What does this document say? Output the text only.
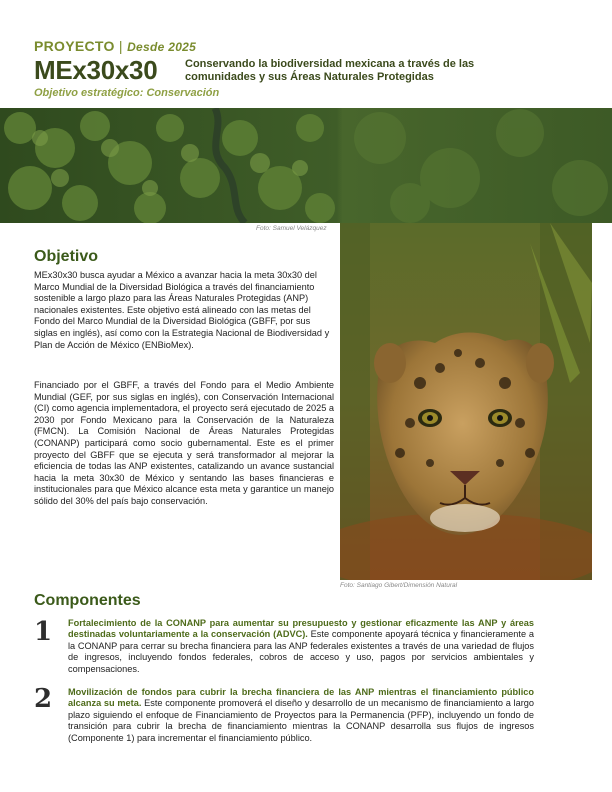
PROYECTO | Desde 2025
MEx30x30	Conservando la biodiversidad mexicana a través de las comunidades y sus Áreas Naturales Protegidas
Objetivo estratégico: Conservación
Foto: Samuel Velázquez
Foto: Santiago Gibert/Dimensión Natural
Objetivo
MEx30x30 busca ayudar a México a avanzar hacia la meta 30x30 del Marco Mundial de la Diversidad Biológica a través del financiamiento sostenible a largo plazo para las Áreas Naturales Protegidas (ANP) nacionales existentes. Este objetivo está alineado con las metas del Fondo del Marco Mundial de la Diversidad Biológica (GBFF, por sus siglas en inglés), así como con la Estrategia Nacional de Biodiversidad y Plan de Acción de México (ENBioMex).
Financiado por el GBFF, a través del Fondo para el Medio Ambiente Mundial (GEF, por sus siglas en inglés), con Conservación Internacional (CI) como agencia implementadora, el proyecto será ejecutado de 2025 a 2030 por Fondo Mexicano para la Conservación de la Naturaleza (FMCN). La Comisión Nacional de Áreas Naturales Protegidas (CONANP) participará como socio gubernamental. Este es el primer proyecto del GBFF que se ejecuta y será transformador al mejorar la eficiencia de todas las ANP existentes, catalizando un avance sustancial hacia la meta 30x30 de México y sentando las bases financieras e institucionales para que México alcance esta meta y garantice un manejo sólido del 30% del país bajo conservación.
Componentes
1 Fortalecimiento de la CONANP para aumentar su presupuesto y gestionar eficazmente las ANP y áreas destinadas voluntariamente a la conservación (ADVC). Este componente apoyará técnica y financieramente a la CONANP para cerrar su brecha financiera para las ANP federales existentes a través de una variedad de flujos de ingresos, incluyendo fondos federales, cobros de acceso y uso, pagos por servicios ambientales y compensaciones.
2 Movilización de fondos para cubrir la brecha financiera de las ANP mientras el financiamiento público alcanza su meta. Este componente promoverá el diseño y desarrollo de un mecanismo de financiamiento a largo plazo siguiendo el enfoque de Financiamiento de Proyectos para la Permanencia (PFP), incluyendo un fondo de transición para cubrir la brecha de financiamiento mientras la CONANP desarrolla sus flujos de ingresos (Componente 1) para incrementar el financiamiento público.
